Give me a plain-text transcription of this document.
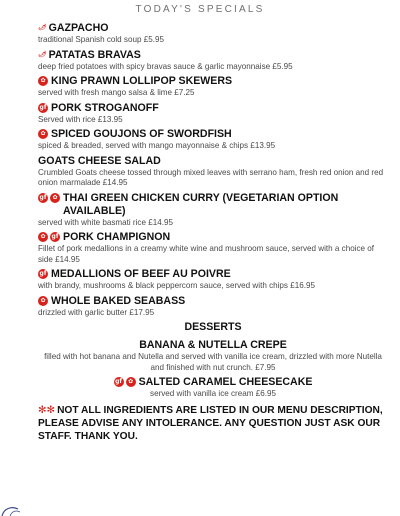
TODAY'S SPECIALS
🌶 GAZPACHO
traditional Spanish cold soup £5.95
🌶 PATATAS BRAVAS
deep fried potatoes with spicy bravas sauce & garlic mayonnaise £5.95
✿ KING PRAWN LOLLIPOP SKEWERS
served with fresh mango salsa & lime £7.25
gf PORK STROGANOFF
Served with rice £13.95
✿ SPICED GOUJONS OF SWORDFISH
spiced & breaded, served with mango mayonnaise & chips £13.95
GOATS CHEESE SALAD
Crumbled Goats cheese tossed through mixed leaves with serrano ham, fresh red onion and red onion marmalade £14.95
gf	✿ THAI GREEN CHICKEN CURRY (VEGETARIAN OPTION AVAILABLE)
served with white basmati rice £14.95
✿	gf PORK CHAMPIGNON
Fillet of pork medallions in a creamy white wine and mushroom sauce, served with a choice of side £14.95
gf MEDALLIONS OF BEEF AU POIVRE
with brandy, mushrooms & black peppercorn sauce, served with chips £16.95
✿ WHOLE BAKED SEABASS
drizzled with garlic butter £17.95
DESSERTS
BANANA & NUTELLA CREPE
filled with hot banana and Nutella and served with vanilla ice cream, drizzled with more Nutella and finished with nut crunch. £7.95
gf	✿ SALTED CARAMEL CHEESECAKE
served with vanilla ice cream £6.95
✻✻ NOT ALL INGREDIENTS ARE LISTED IN OUR MENU DESCRIPTION, PLEASE ADVISE ANY INTOLERANCE. ANY QUESTION JUST ASK OUR STAFF. THANK YOU.
